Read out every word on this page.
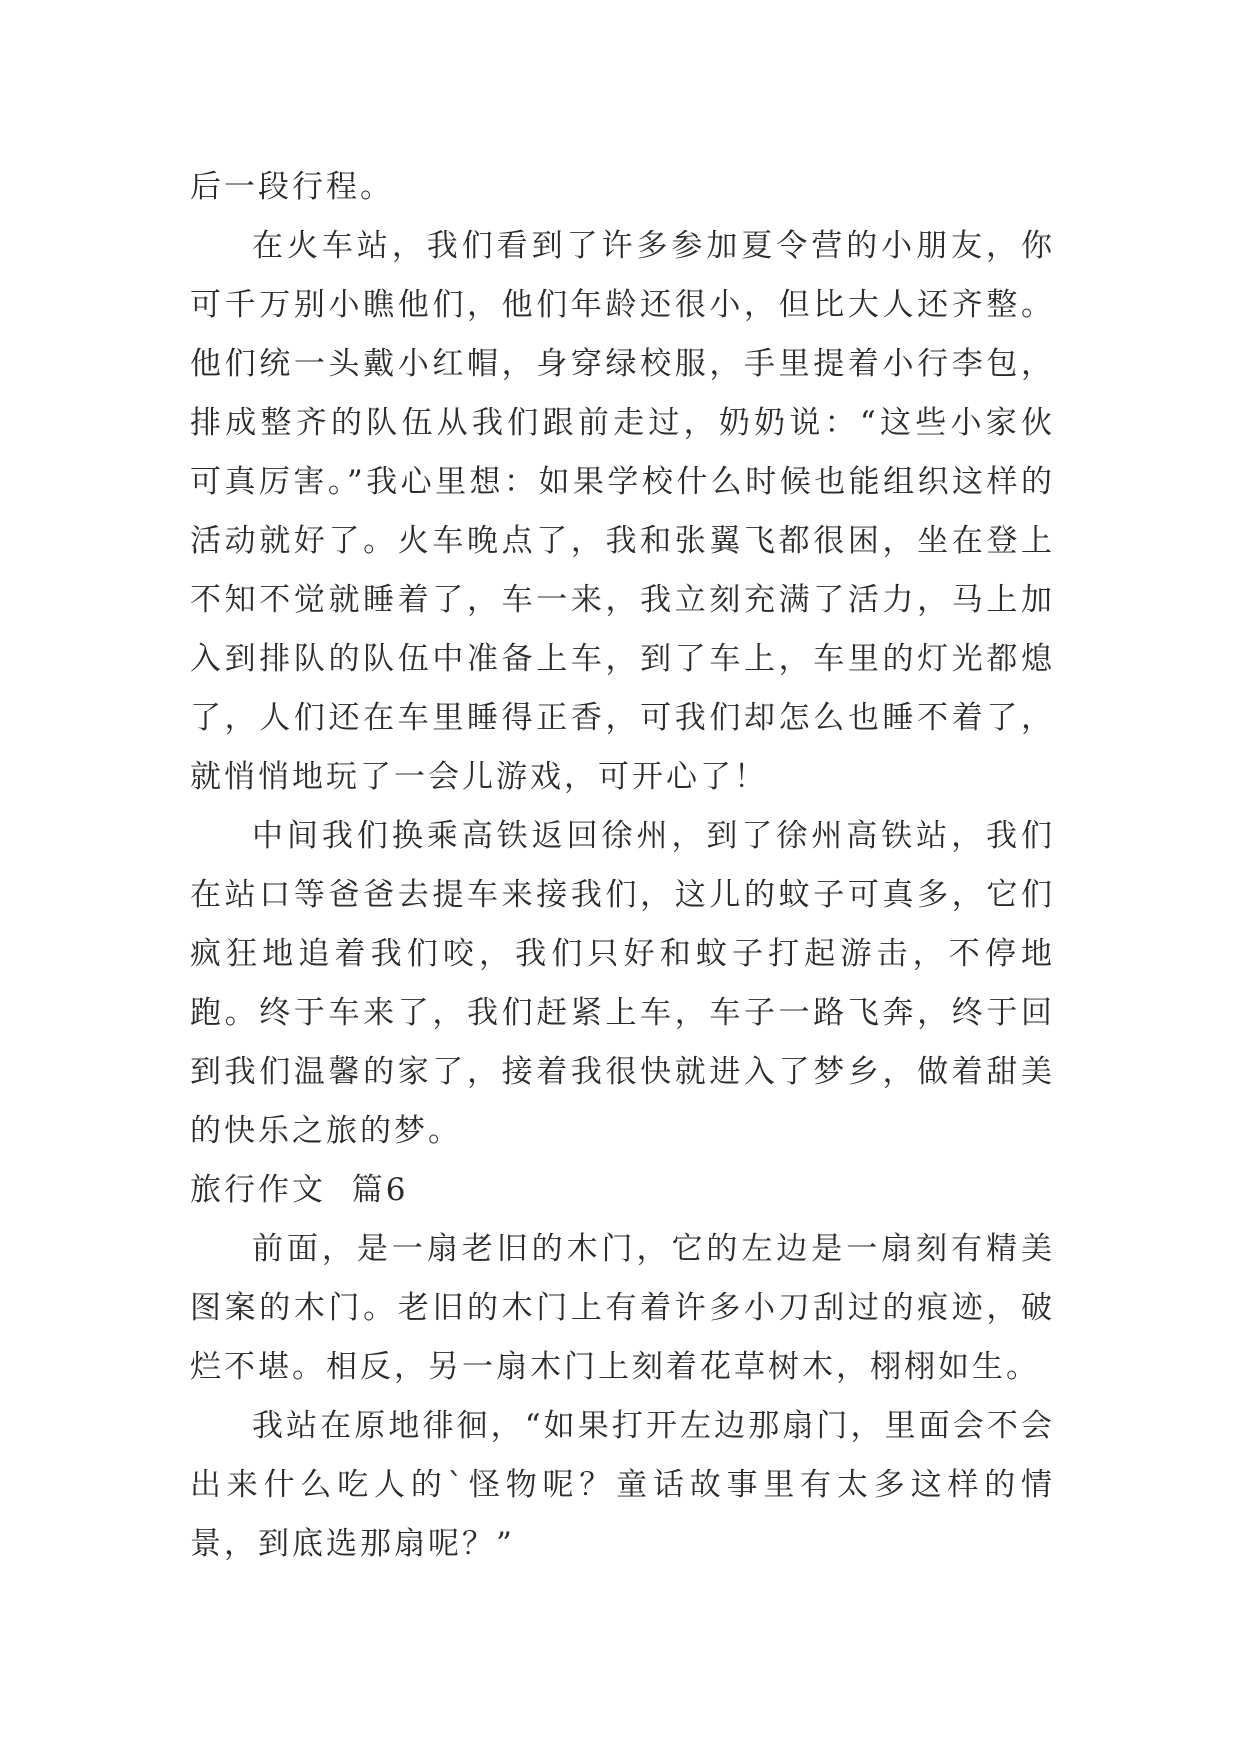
后一段行程。

在火车站，我们看到了许多参加夏令营的小朋友，你可千万别小瞧他们，他们年龄还很小，但比大人还齐整。他们统一头戴小红帽，身穿绿校服，手里提着小行李包，排成整齐的队伍从我们跟前走过，奶奶说：“这些小家伙可真厉害。”我心里想：如果学校什么时候也能组织这样的活动就好了。火车晚点了，我和张翼飞都很困，坐在登上不知不觉就睡着了，车一来，我立刻充满了活力，马上加入到排队的队伍中准备上车，到了车上，车里的灯光都熄了，人们还在车里睡得正香，可我们却怎么也睡不着了，就悄悄地玩了一会儿游戏，可开心了！

中间我们换乘高铁返回徐州，到了徐州高铁站，我们在站口等爸爸去提车来接我们，这儿的蚊子可真多，它们疯狂地追着我们咬，我们只好和蚊子打起游击，不停地跑。终于车来了，我们赶紧上车，车子一路飞奔，终于回到我们温馨的家了，接着我很快就进入了梦乡，做着甜美的快乐之旅的梦。

旅行作文  篇6

前面，是一扇老旧的木门，它的左边是一扇刻有精美图案的木门。老旧的木门上有着许多小刀刮过的痕迹，破烂不堪。相反，另一扇木门上刻着花草树木，栩栩如生。

我站在原地徘徊，“如果打开左边那扇门，里面会不会出来什么吃人的`怪物呢？童话故事里有太多这样的情景，到底选那扇呢？”
